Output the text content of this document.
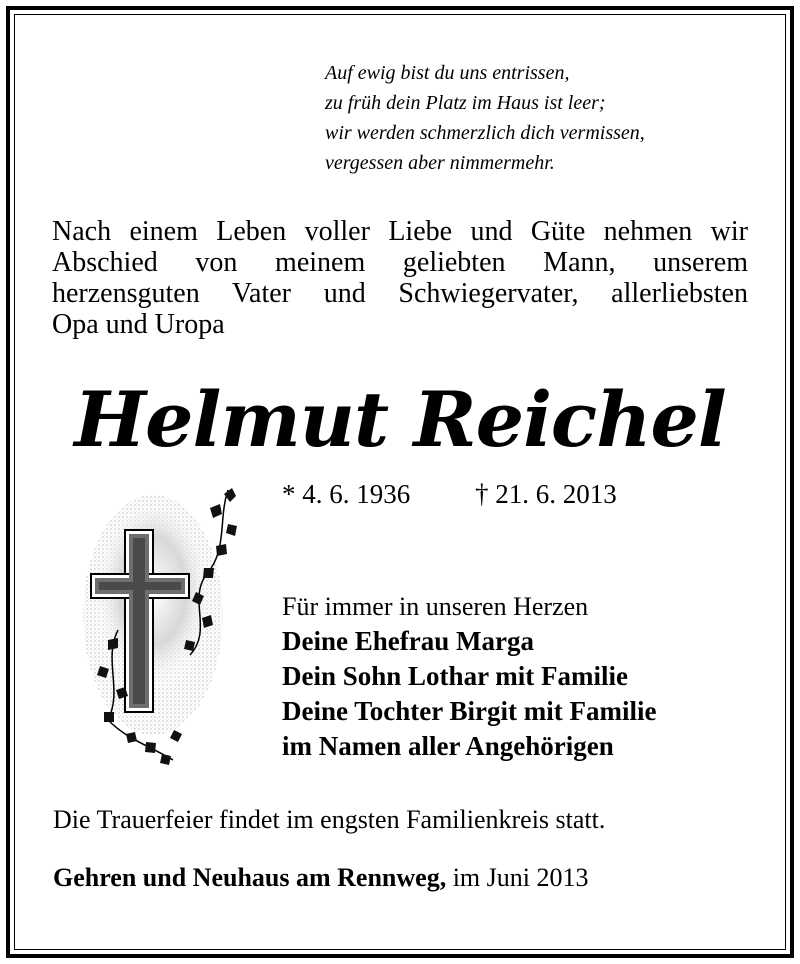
Auf ewig bist du uns entrissen,
zu früh dein Platz im Haus ist leer;
wir werden schmerzlich dich vermissen,
vergessen aber nimmermehr.
Nach einem Leben voller Liebe und Güte nehmen wir
Abschied von meinem geliebten Mann, unserem
herzensguten Vater und Schwiegervater, allerliebsten
Opa und Uropa
Helmut Reichel
* 4. 6. 1936 † 21. 6. 2013
Für immer in unseren Herzen
Deine Ehefrau Marga
Dein Sohn Lothar mit Familie
Deine Tochter Birgit mit Familie
im Namen aller Angehörigen
Die Trauerfeier findet im engsten Familienkreis statt.
Gehren und Neuhaus am Rennweg, im Juni 2013
